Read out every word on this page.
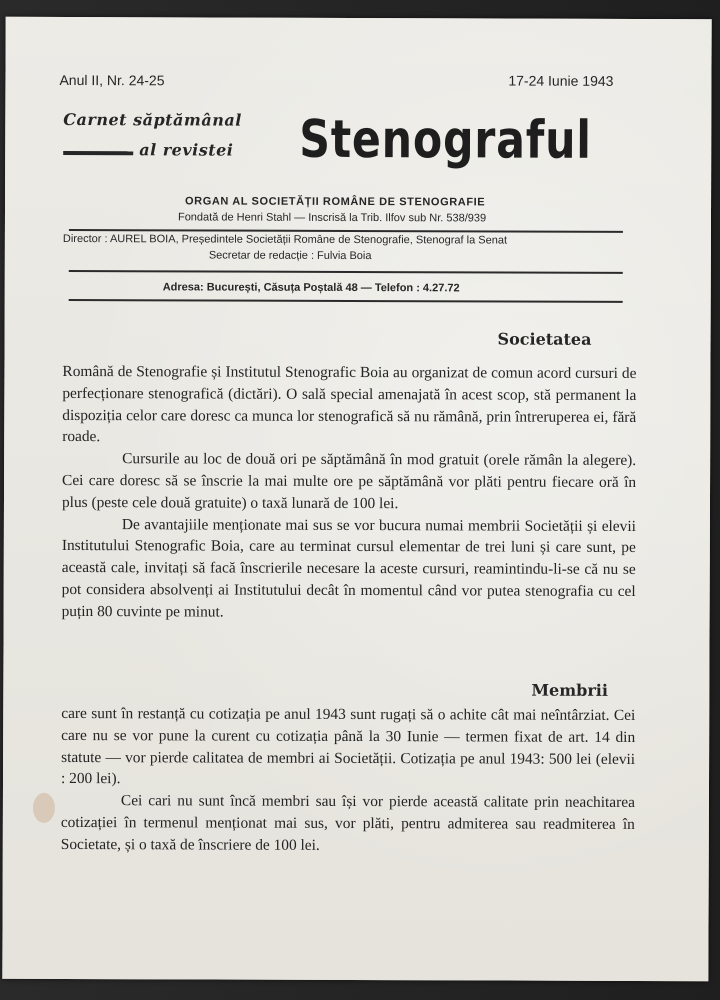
Anul II, Nr. 24-25	17-24 Iunie 1943
Carnet săptămânal
al revistei Stenograful
ORGAN AL SOCIETĂȚII ROMÂNE DE STENOGRAFIE
Fondată de Henri Stahl — Inscrisă la Trib. Ilfov sub Nr. 538/939
Director : AUREL BOIA, Președintele Societății Române de Stenografie, Stenograf la Senat
Secretar de redacție : Fulvia Boia
Adresa: București, Căsuța Poștală 48 — Telefon : 4.27.72
Societatea

Română de Stenografie și Institutul Stenografic Boia au organizat de comun acord cursuri de perfecționare stenografică (dictări). O sală special amenajată în acest scop, stă permanent la dispoziția celor care doresc ca munca lor stenografică să nu rămână, prin întreruperea ei, fără roade.

Cursurile au loc de două ori pe săptămână în mod gratuit (orele rămân la alegere). Cei care doresc să se înscrie la mai multe ore pe săptămână vor plăti pentru fiecare oră în plus (peste cele două gratuite) o taxă lunară de 100 lei.

De avantajiile menționate mai sus se vor bucura numai membrii Societății și elevii Institutului Stenografic Boia, care au terminat cursul elementar de trei luni și care sunt, pe această cale, invitați să facă înscrierile necesare la aceste cursuri, reamintindu-li-se că nu se pot considera absolvenți ai Institutului decât în momentul când vor putea stenografia cu cel puțin 80 cuvinte pe minut.

Membrii

care sunt în restanță cu cotizația pe anul 1943 sunt rugați să o achite cât mai neîntârziat. Cei care nu se vor pune la curent cu cotizația până la 30 Iunie — termen fixat de art. 14 din statute — vor pierde calitatea de membri ai Societății. Cotizația pe anul 1943: 500 lei (elevii : 200 lei).

Cei cari nu sunt încă membri sau își vor pierde această calitate prin neachitarea cotizației în termenul menționat mai sus, vor plăti, pentru admiterea sau readmiterea în Societate, și o taxă de înscriere de 100 lei.
